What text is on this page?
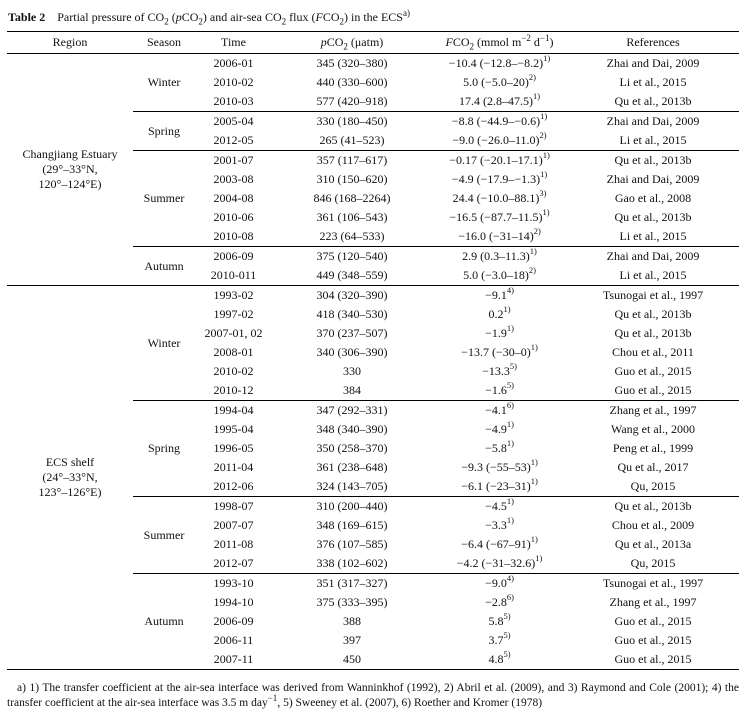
Table 2 Partial pressure of $CO_2$ (pCO$_2$) and air-sea $CO_2$ flux $(FCO_2)$ in the ECS$^{a)}$
Region	Season	Time	pCO$_2$ (μatm)	$FCO_2$ (mmol $m^{-2}$ $d^{-1}$)	References

Changjiang Estuary
(29°–33°N,
120°–124°E)	Winter	2006-01	345 (320–380)	−10.4 $(-12.8--8.2)^{1)}$	Zhai and Dai, 2009
		2010-02	440 (330–600)	5.0 $(-5.0-20)^{2)}$	Li et al., 2015
		2010-03	577 (420–918)	17.4 $(2.8-47.5)^{1)}$	Qu et al., 2013b
	Spring	2005-04	330 (180–450)	−8.8 $(-44.9--0.6)^{1)}$	Zhai and Dai, 2009
		2012-05	265 (41–523)	−9.0 $(-26.0-11.0)^{2)}$	Li et al., 2015
	Summer	2001-07	357 (117–617)	−0.17 $(-20.1-17.1)^{1)}$	Qu et al., 2013b
		2003-08	310 (150–620)	−4.9 $(-17.9--1.3)^{1)}$	Zhai and Dai, 2009
		2004-08	846 (168–2264)	24.4 $(-10.0-88.1)^{3)}$	Gao et al., 2008
		2010-06	361 (106–543)	−16.5 $(-87.7-11.5)^{1)}$	Qu et al., 2013b
		2010-08	223 (64–533)	−16.0 $(-31-14)^{2)}$	Li et al., 2015
	Autumn	2006-09	375 (120–540)	2.9 $(0.3-11.3)^{1)}$	Zhai and Dai, 2009
		2010-011	449 (348–559)	5.0 $(-3.0-18)^{2)}$	Li et al., 2015

ECS shelf
(24°–33°N,
123°–126°E)	Winter	1993-02	304 (320–390)	$-9.1^{4)}$	Tsunogai et al., 1997
		1997-02	418 (340–530)	0.2$^{1)}$	Qu et al., 2013b
		2007-01, 02	370 (237–507)	$-1.9^{1)}$	Qu et al., 2013b
		2008-01	340 (306–390)	−13.7 $(-30-0)^{1)}$	Chou et al., 2011
		2010-02	330	$-13.3^{5)}$	Guo et al., 2015
		2010-12	384	$-1.6^{5)}$	Guo et al., 2015
	Spring	1994-04	347 (292–331)	$-4.1^{6)}$	Zhang et al., 1997
		1995-04	348 (340–390)	$-4.9^{1)}$	Wang et al., 2000
		1996-05	350 (258–370)	$-5.8^{1)}$	Peng et al., 1999
		2011-04	361 (238–648)	−9.3 $(-55-53)^{1)}$	Qu et al., 2017
		2012-06	324 (143–705)	−6.1 $(-23-31)^{1)}$	Qu, 2015
	Summer	1998-07	310 (200–440)	$-4.5^{1)}$	Qu et al., 2013b
		2007-07	348 (169–615)	$-3.3^{1)}$	Chou et al., 2009
		2011-08	376 (107–585)	−6.4 $(-67-91)^{1)}$	Qu et al., 2013a
		2012-07	338 (102–602)	−4.2 $(-31-32.6)^{1)}$	Qu, 2015
	Autumn	1993-10	351 (317–327)	$-9.0^{4)}$	Tsunogai et al., 1997
		1994-10	375 (333–395)	$-2.8^{6)}$	Zhang et al., 1997
		2006-09	388	5.8$^{5)}$	Guo et al., 2015
		2006-11	397	3.7$^{5)}$	Guo et al., 2015
		2007-11	450	4.8$^{5)}$	Guo et al., 2015

a) 1) The transfer coefficient at the air-sea interface was derived from Wanninkhof (1992), 2) Abril et al. (2009), and 3) Raymond and Cole (2001); 4) the transfer coefficient at the air-sea interface was 3.5 m day$^{-1}$, 5) Sweeney et al. (2007), 6) Roether and Kromer (1978)
